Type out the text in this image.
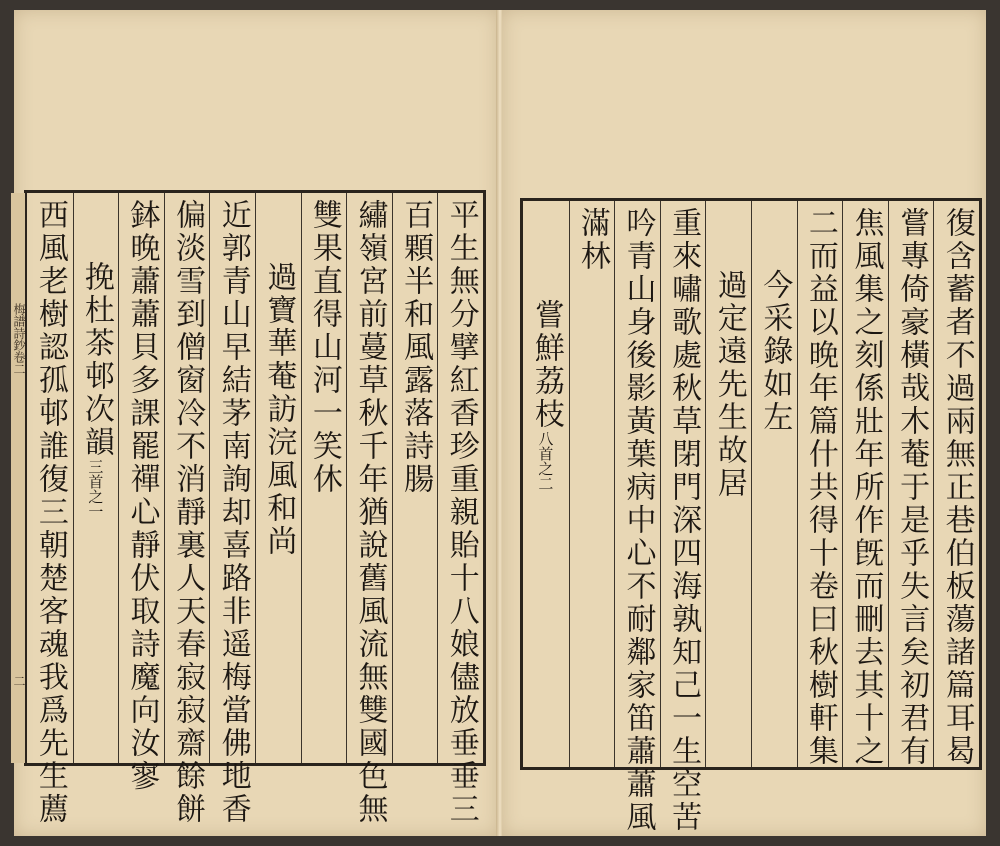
平生無分擘紅香珍重親貽十八娘儘放垂垂三
百顆半和風露落詩腸
繡嶺宮前蔓草秋千年猶說舊風流無雙國色無
雙果直得山河一笑休
過寶華菴訪浣風和尚
近郭青山早結茅南詢却喜路非遥梅當佛地香
偏淡雪到僧窗冷不消靜裏人天春寂寂齋餘餅
鉢晚蕭蕭貝多課罷禪心靜伏取詩魔向汝寥
挽杜茶邨次韻
三首之一
西風老樹認孤邨誰復三朝楚客魂我爲先生薦
梅譜詩鈔卷二
二	復含蓄者不過兩無正巷伯板蕩諸篇耳曷
嘗專倚豪橫哉木菴于是乎失言矣初君有
焦風集之刻係壯年所作旣而刪去其十之
二而益以晚年篇什共得十卷曰秋樹軒集
今采錄如左
過定遠先生故居
重來嘯歌處秋草閉門深四海孰知己一生空苦
吟青山身後影黃葉病中心不耐鄰家笛蕭蕭風
滿林
嘗鮮荔枝
八首之二
